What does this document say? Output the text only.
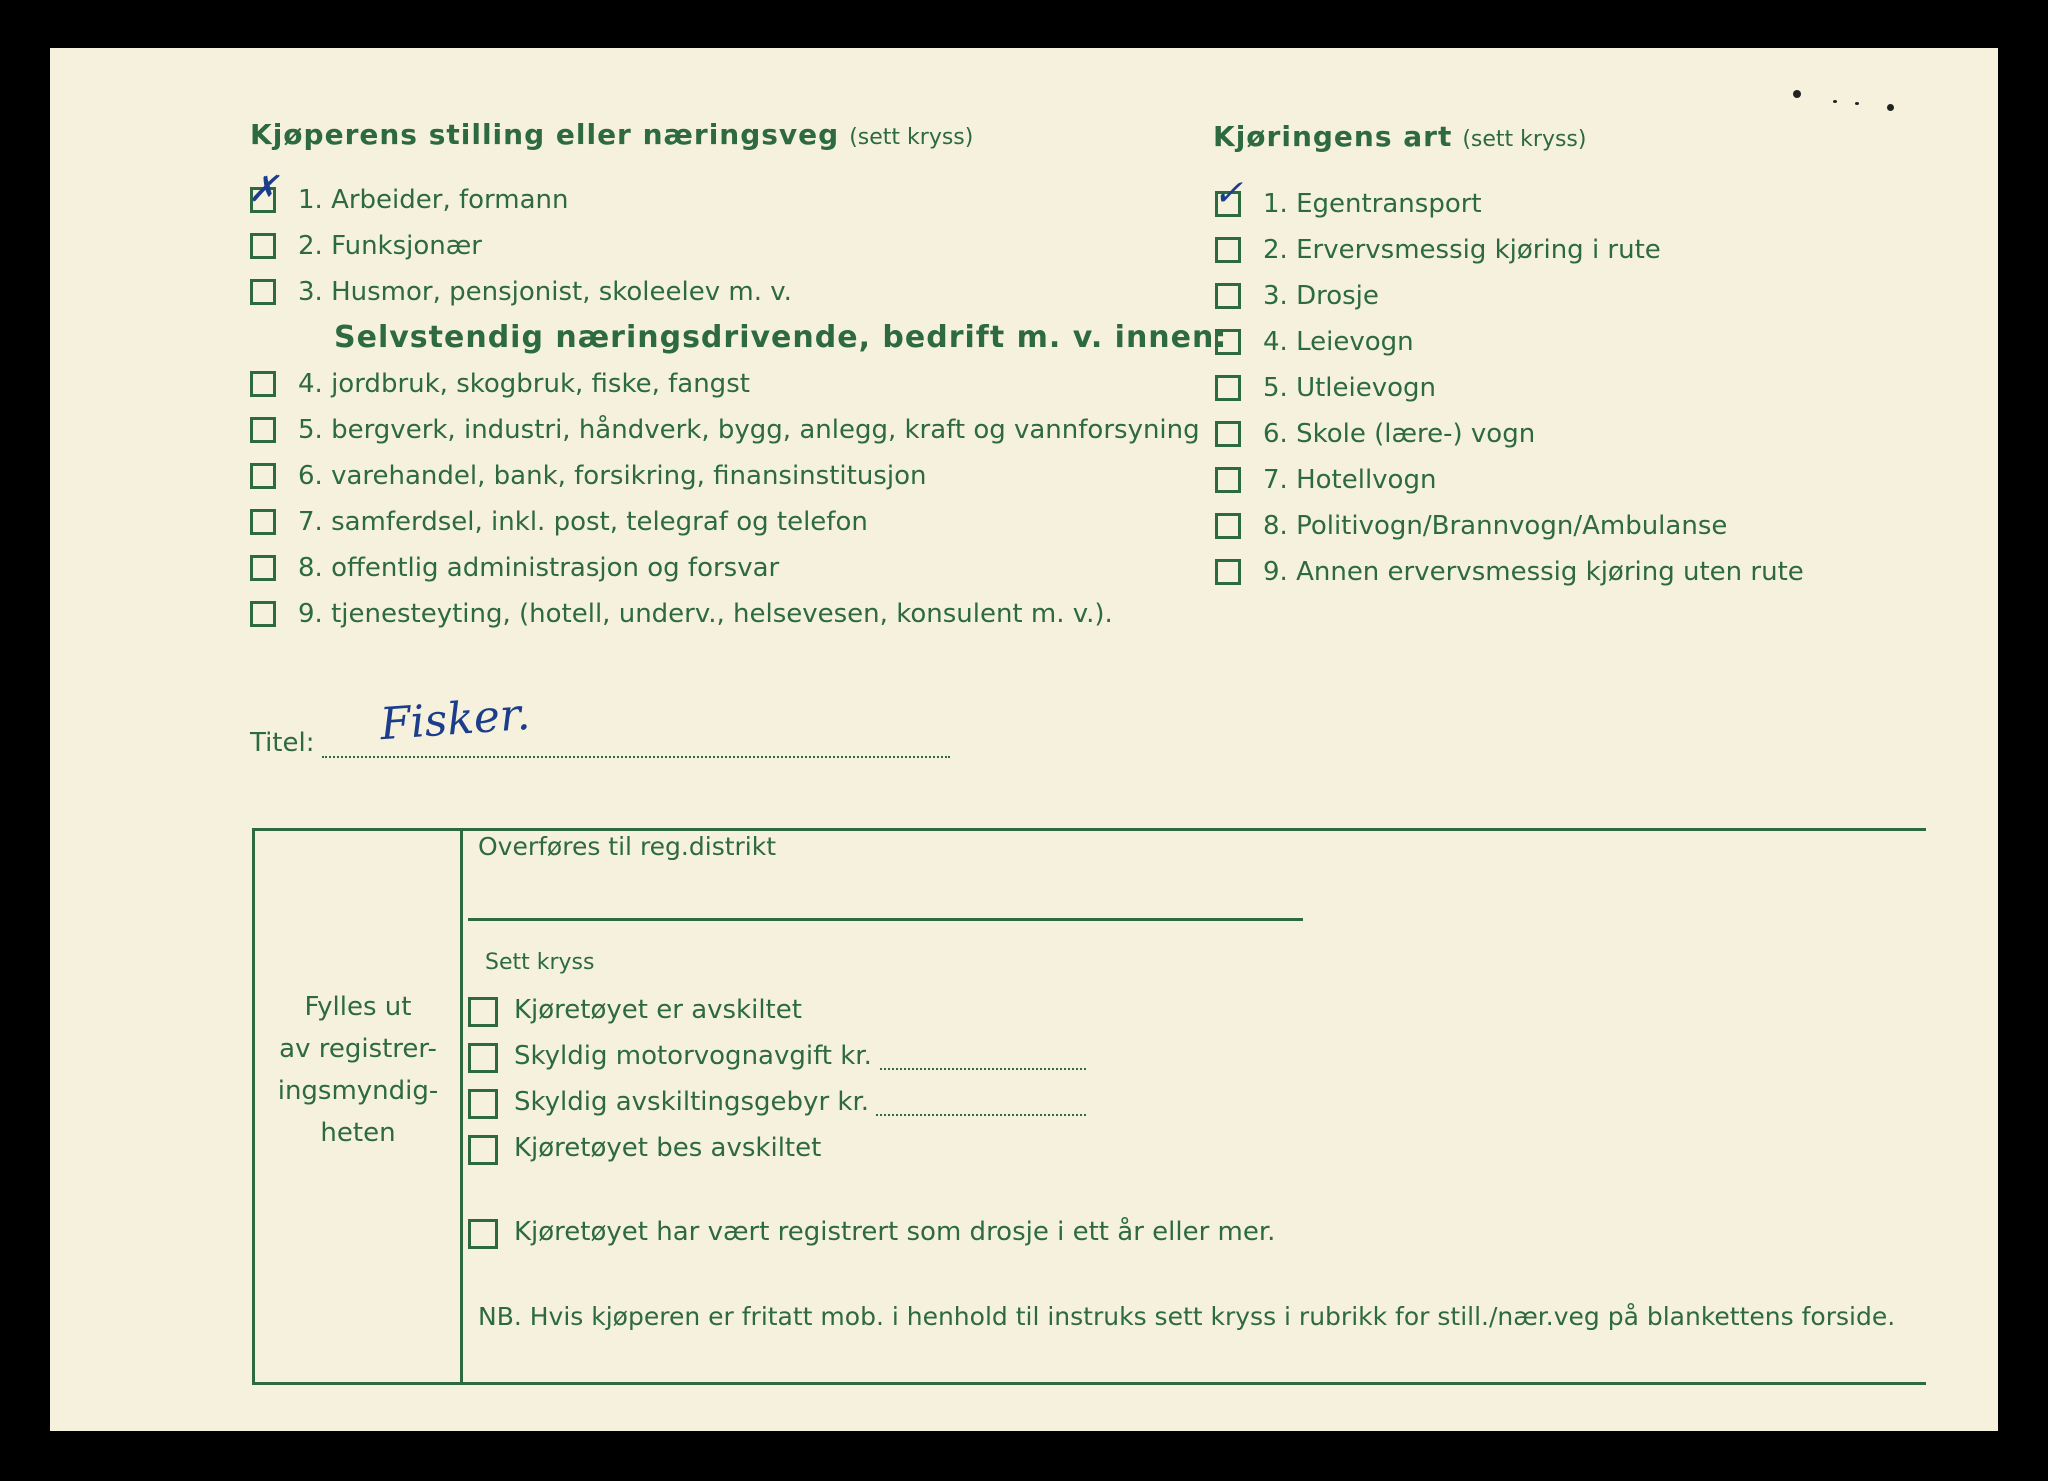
Kjøperens stilling eller næringsveg (sett kryss)
✗ 1. Arbeider, formann
2. Funksjonær
3. Husmor, pensjonist, skoleelev m. v.
Selvstendig næringsdrivende, bedrift m. v. innen:
4. jordbruk, skogbruk, fiske, fangst
5. bergverk, industri, håndverk, bygg, anlegg, kraft og vannforsyning
6. varehandel, bank, forsikring, finansinstitusjon
7. samferdsel, inkl. post, telegraf og telefon
8. offentlig administrasjon og forsvar
9. tjenesteyting, (hotell, underv., helsevesen, konsulent m. v.).
Kjøringens art (sett kryss)
✓ 1. Egentransport
2. Ervervsmessig kjøring i rute
3. Drosje
4. Leievogn
5. Utleievogn
6. Skole (lære-) vogn
7. Hotellvogn
8. Politivogn/Brannvogn/Ambulanse
9. Annen ervervsmessig kjøring uten rute
Titel: Fisker.
Fylles ut
av registrer-
ingsmyndig-
heten
Overføres til reg.distrikt
Sett kryss
Kjøretøyet er avskiltet
Skyldig motorvognavgift kr.
Skyldig avskiltingsgebyr kr.
Kjøretøyet bes avskiltet
Kjøretøyet har vært registrert som drosje i ett år eller mer.
NB. Hvis kjøperen er fritatt mob. i henhold til instruks sett kryss i rubrikk for still./nær.veg på blankettens forside.
